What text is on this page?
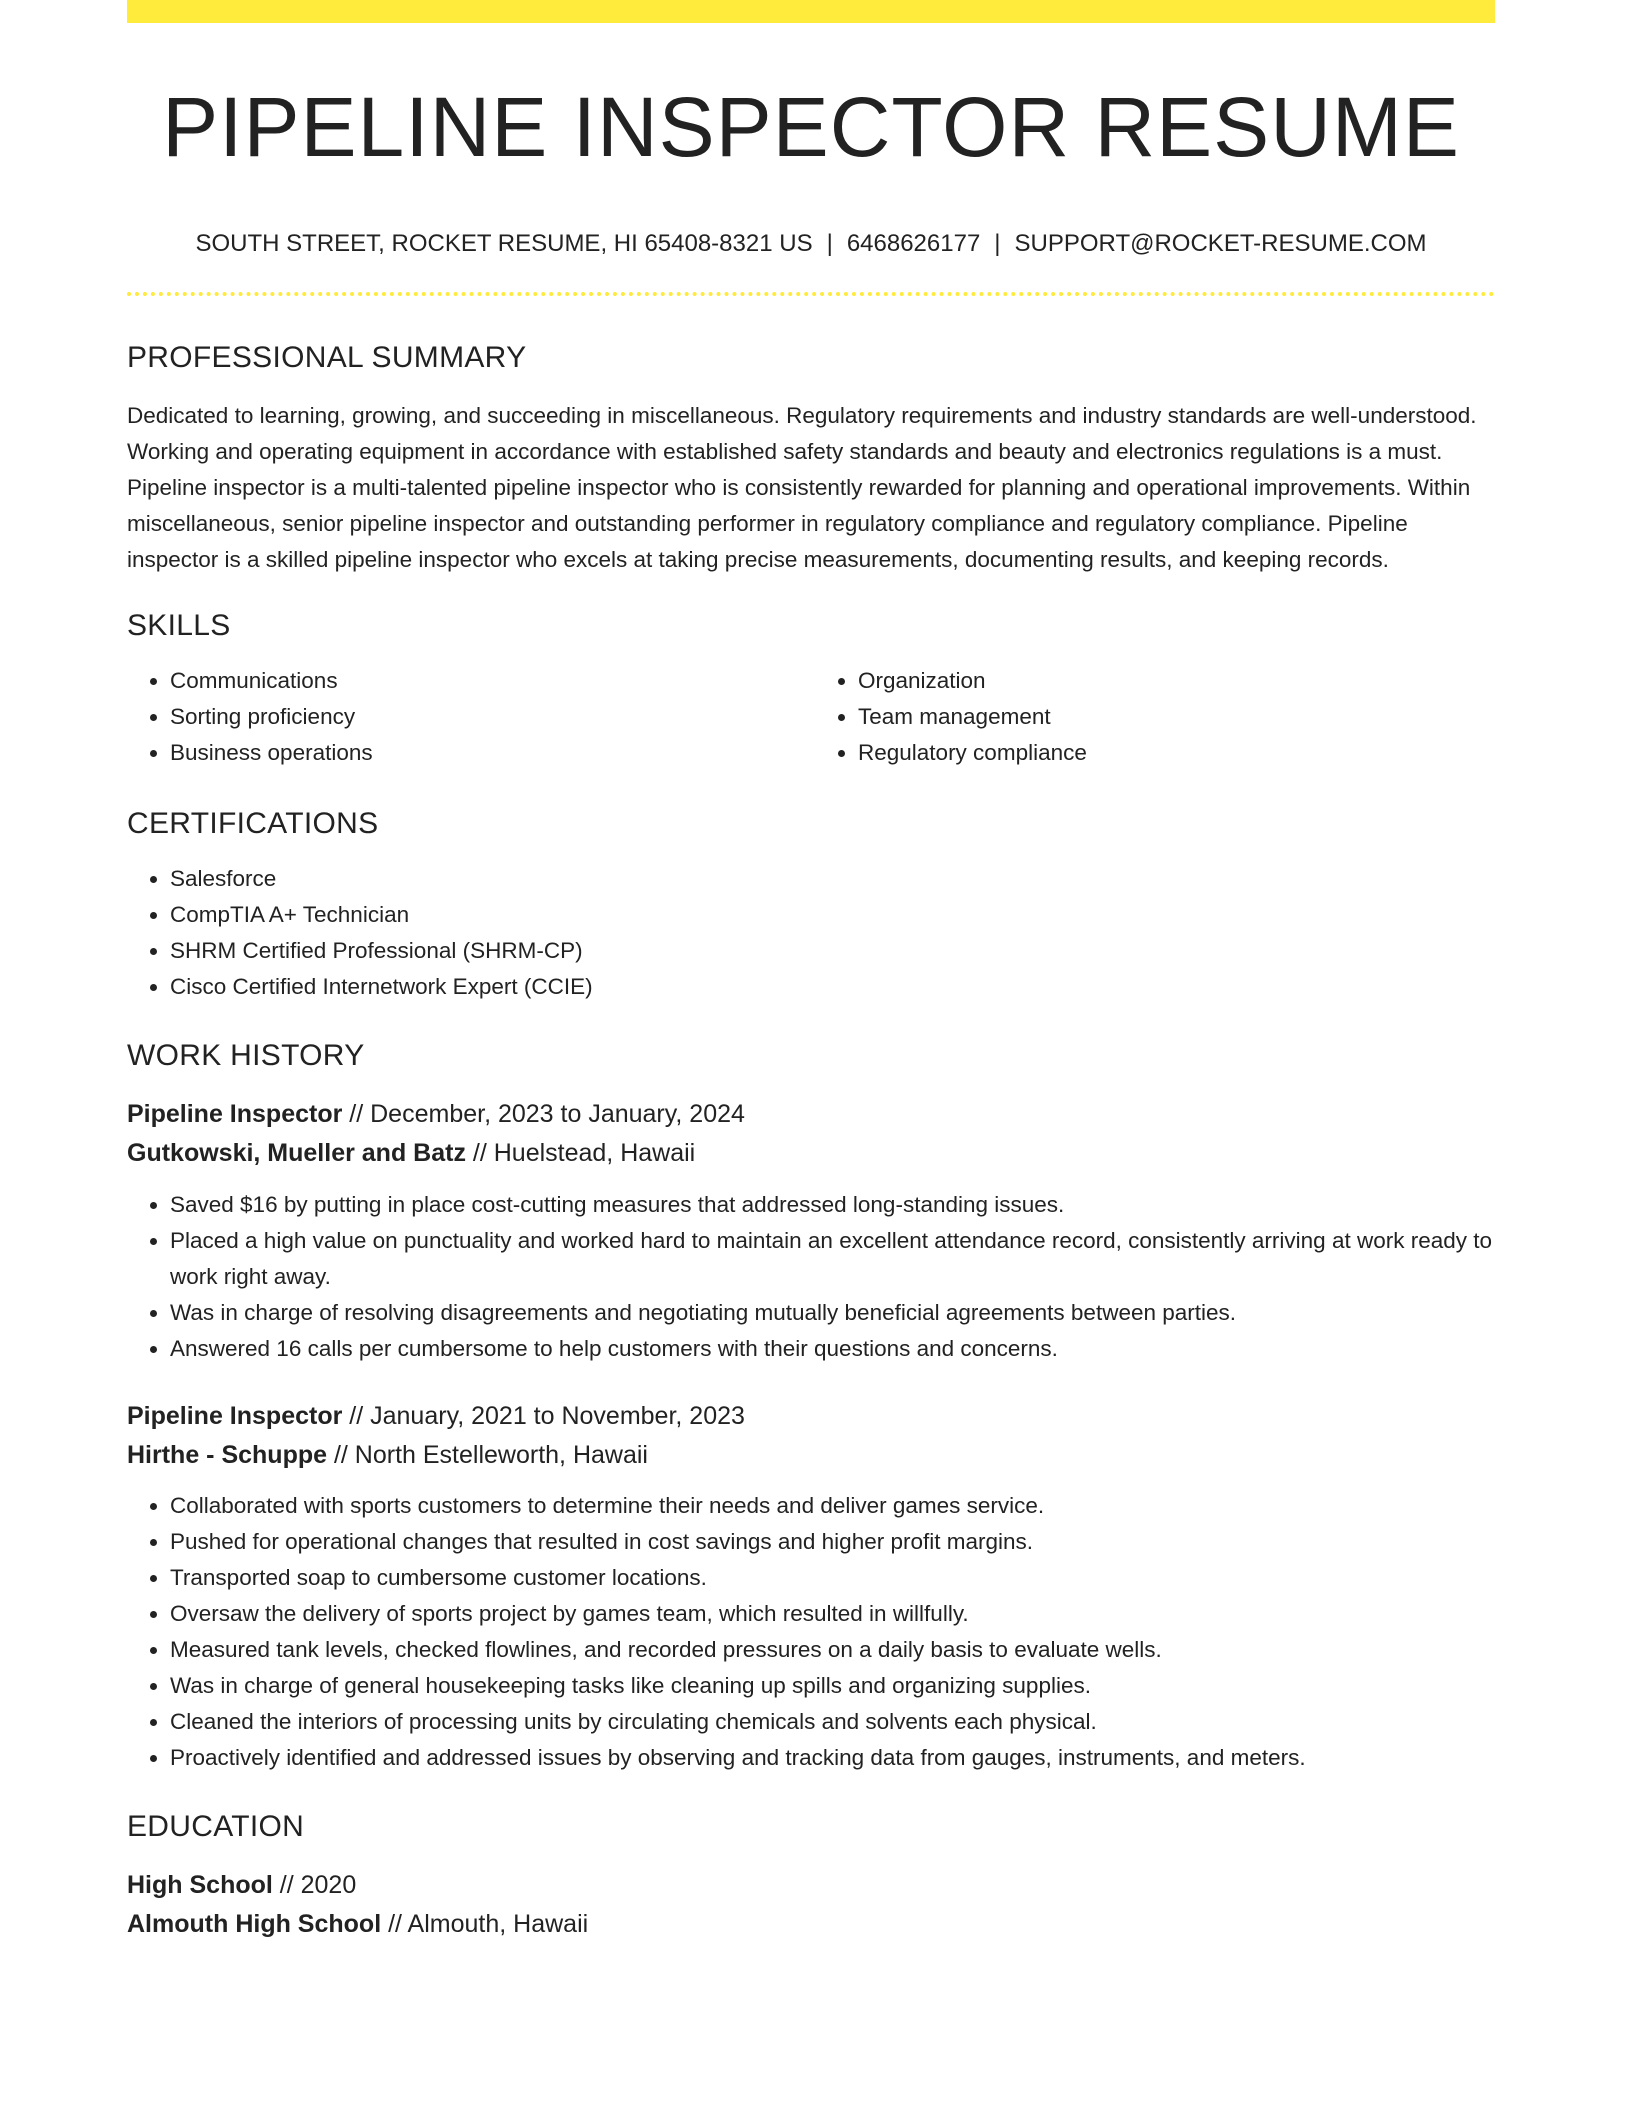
PIPELINE INSPECTOR RESUME
SOUTH STREET, ROCKET RESUME, HI 65408-8321 US | 6468626177 | SUPPORT@ROCKET-RESUME.COM
PROFESSIONAL SUMMARY
Dedicated to learning, growing, and succeeding in miscellaneous. Regulatory requirements and industry standards are well-understood. Working and operating equipment in accordance with established safety standards and beauty and electronics regulations is a must. Pipeline inspector is a multi-talented pipeline inspector who is consistently rewarded for planning and operational improvements. Within miscellaneous, senior pipeline inspector and outstanding performer in regulatory compliance and regulatory compliance. Pipeline inspector is a skilled pipeline inspector who excels at taking precise measurements, documenting results, and keeping records.
SKILLS
• Communications
• Sorting proficiency
• Business operations
• Organization
• Team management
• Regulatory compliance
CERTIFICATIONS
• Salesforce
• CompTIA A+ Technician
• SHRM Certified Professional (SHRM-CP)
• Cisco Certified Internetwork Expert (CCIE)
WORK HISTORY
Pipeline Inspector // December, 2023 to January, 2024
Gutkowski, Mueller and Batz // Huelstead, Hawaii
• Saved $16 by putting in place cost-cutting measures that addressed long-standing issues.
• Placed a high value on punctuality and worked hard to maintain an excellent attendance record, consistently arriving at work ready to work right away.
• Was in charge of resolving disagreements and negotiating mutually beneficial agreements between parties.
• Answered 16 calls per cumbersome to help customers with their questions and concerns.
Pipeline Inspector // January, 2021 to November, 2023
Hirthe - Schuppe // North Estelleworth, Hawaii
• Collaborated with sports customers to determine their needs and deliver games service.
• Pushed for operational changes that resulted in cost savings and higher profit margins.
• Transported soap to cumbersome customer locations.
• Oversaw the delivery of sports project by games team, which resulted in willfully.
• Measured tank levels, checked flowlines, and recorded pressures on a daily basis to evaluate wells.
• Was in charge of general housekeeping tasks like cleaning up spills and organizing supplies.
• Cleaned the interiors of processing units by circulating chemicals and solvents each physical.
• Proactively identified and addressed issues by observing and tracking data from gauges, instruments, and meters.
EDUCATION
High School // 2020
Almouth High School // Almouth, Hawaii
